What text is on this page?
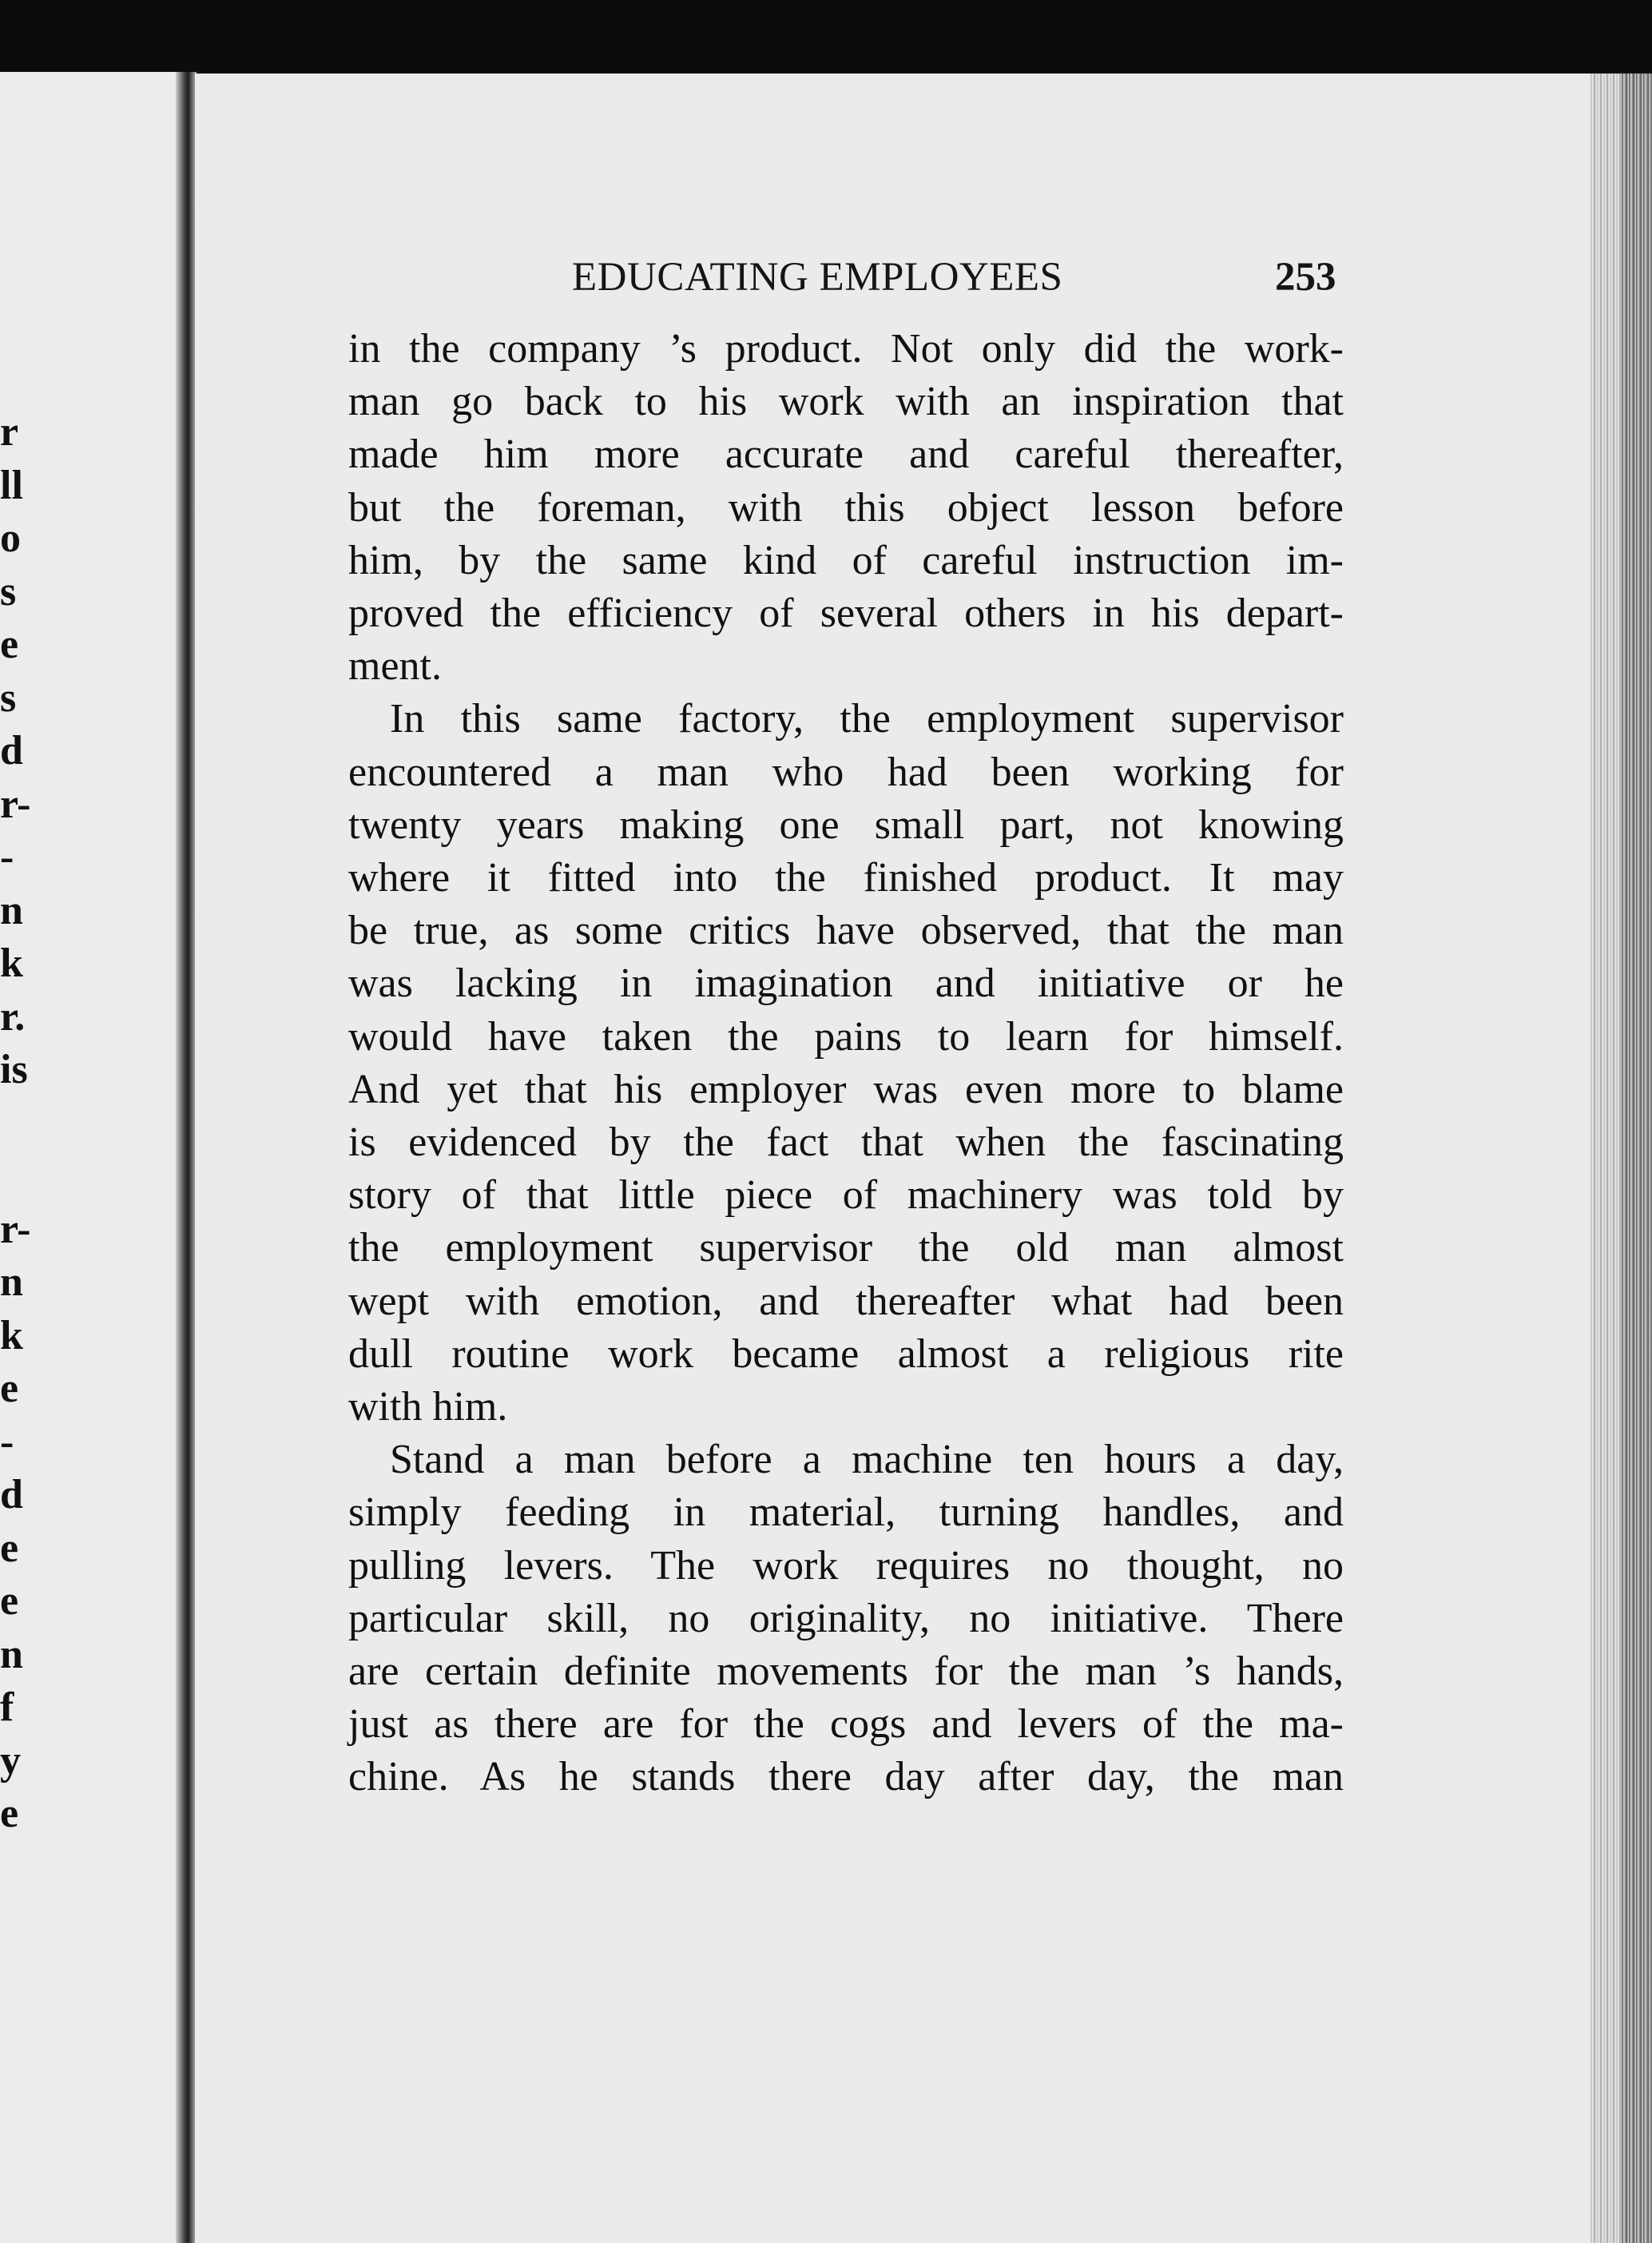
r
ll
o
s
e
s
d
r-
-
n
k
r.
is
r-
n
k
e
-
d
e
e
n
f
y
e
EDUCATING EMPLOYEES	253

in the company ’s product. Not only did the work-
man go back to his work with an inspiration that
made him more accurate and careful thereafter,
but the foreman, with this object lesson before
him, by the same kind of careful instruction im-
proved the efficiency of several others in his depart-
ment.

In this same factory, the employment supervisor
encountered a man who had been working for
twenty years making one small part, not knowing
where it fitted into the finished product. It may
be true, as some critics have observed, that the man
was lacking in imagination and initiative or he
would have taken the pains to learn for himself.
And yet that his employer was even more to blame
is evidenced by the fact that when the fascinating
story of that little piece of machinery was told by
the employment supervisor the old man almost
wept with emotion, and thereafter what had been
dull routine work became almost a religious rite
with him.

Stand a man before a machine ten hours a day,
simply feeding in material, turning handles, and
pulling levers. The work requires no thought, no
particular skill, no originality, no initiative. There
are certain definite movements for the man ’s hands,
just as there are for the cogs and levers of the ma-
chine. As he stands there day after day, the man
